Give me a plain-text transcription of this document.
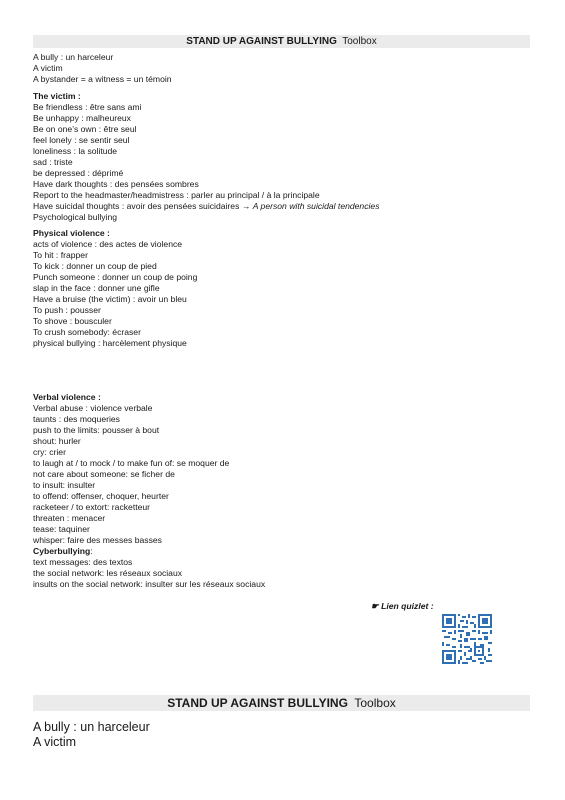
STAND UP AGAINST BULLYING Toolbox
A bully : un harceleur
A victim
A bystander = a witness = un témoin
The victim :
Be friendless : être sans ami
Be unhappy : malheureux
Be on one’s own : être seul
feel lonely : se sentir seul
loneliness : la solitude
sad : triste
be depressed : déprimé
Have dark thoughts : des pensées sombres
Report to the headmaster/headmistress : parler au principal / à la principale
Have suicidal thoughts : avoir des pensées suicidaires → A person with suicidal tendencies
Psychological bullying
Physical violence :
acts of violence : des actes de violence
To hit : frapper
To kick : donner un coup de pied
Punch someone : donner un coup de poing
slap in the face : donner une gifle
Have a bruise (the victim) : avoir un bleu
To push : pousser
To shove : bousculer
To crush somebody: écraser
physical bullying : harcèlement physique
Verbal violence :
Verbal abuse : violence verbale
taunts : des moqueries
push to the limits: pousser à bout
shout: hurler
cry: crier
to laugh at / to mock / to make fun of: se moquer de
not care about someone: se ficher de
to insult: insulter
to offend: offenser, choquer, heurter
racketeer / to extort: racketteur
threaten : menacer
tease: taquiner
whisper: faire des messes basses
Cyberbullying:
text messages: des textos
the social network: les réseaux sociaux
insults on the social network: insulter sur les réseaux sociaux
☛ Lien quizlet :
STAND UP AGAINST BULLYING Toolbox
A bully : un harceleur
A victim
